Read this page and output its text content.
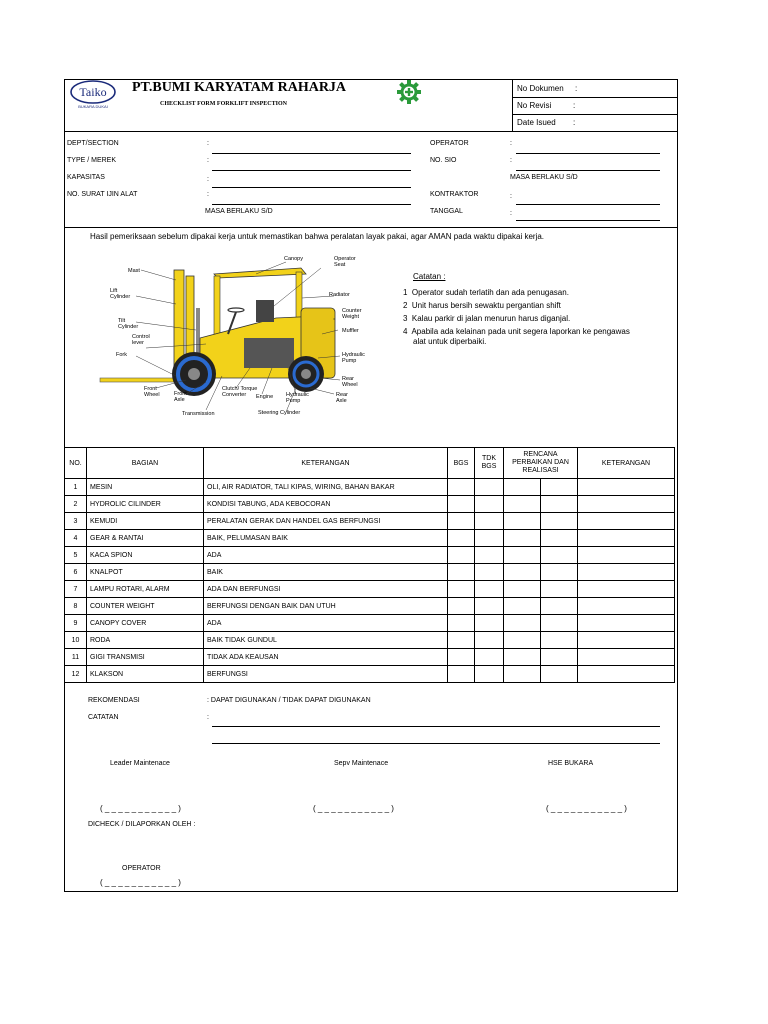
Taiko
BUKARA DUKAI
PT.BUMI KARYATAM RAHARJA
CHECKLIST FORM FORKLIFT INSPECTION
No Dokumen :
No Revisi	:
Date Isued :
DEPT/SECTION	:
TYPE / MEREK	:
KAPASITAS	:
NO. SURAT IJIN ALAT	:
MASA BERLAKU S/D
OPERATOR	:
NO. SIO	:
MASA BERLAKU S/D
KONTRAKTOR	:
TANGGAL	:
Hasil pemeriksaan sebelum dipakai kerja untuk memastikan bahwa peralatan layak pakai, agar AMAN pada waktu dipakai kerja.
Mast
Canopy	Operator Seat
Lift Cylinder	Radiator
Tilt Cylinder
Counter Weight
Muffler
Control lever
Fork	Hydraulic Pump
Rear Wheel
Rear Axle
Front Wheel	Front Axle
Clutch/ Torque Converter	Engine Hydraulic Pump
Transmission	Steering Cylinder
Catatan :
1 Operator sudah terlatih dan ada penugasan.
2 Unit harus bersih sewaktu pergantian shift
3 Kalau parkir di jalan menurun harus diganjal.
4 Apabila ada kelainan pada unit segera laporkan ke pengawas
alat untuk diperbaiki.
NO.	BAGIAN	KETERANGAN	BGS	TDK BGS	RENCANA PERBAIKAN DAN REALISASI		KETERANGAN
1	MESIN	OLI, AIR RADIATOR, TALI KIPAS, WIRING, BAHAN BAKAR					
2	HYDROLIC CILINDER	KONDISI TABUNG, ADA KEBOCORAN					
3	KEMUDI	PERALATAN GERAK DAN HANDEL GAS BERFUNGSI					
4	GEAR & RANTAI	BAIK, PELUMASAN BAIK					
5	KACA SPION	ADA					
6	KNALPOT	BAIK					
7	LAMPU ROTARI, ALARM	ADA DAN BERFUNGSI					
8	COUNTER WEIGHT	BERFUNGSI DENGAN BAIK DAN UTUH					
9	CANOPY COVER	ADA					
10	RODA	BAIK TIDAK GUNDUL					
11	GIGI TRANSMISI	TIDAK ADA KEAUSAN					
12	KLAKSON	BERFUNGSI					
REKOMENDASI	: DAPAT DIGUNAKAN / TIDAK DAPAT DIGUNAKAN
CATATAN	:
Leader Maintenace	Sepv Maintenace	HSE BUKARA
( _ _ _ _ _ _ _ _ _ _ _ )	( _ _ _ _ _ _ _ _ _ _ _ )	( _ _ _ _ _ _ _ _ _ _ _ )
DICHECK / DILAPORKAN OLEH :
OPERATOR
( _ _ _ _ _ _ _ _ _ _ _ )
